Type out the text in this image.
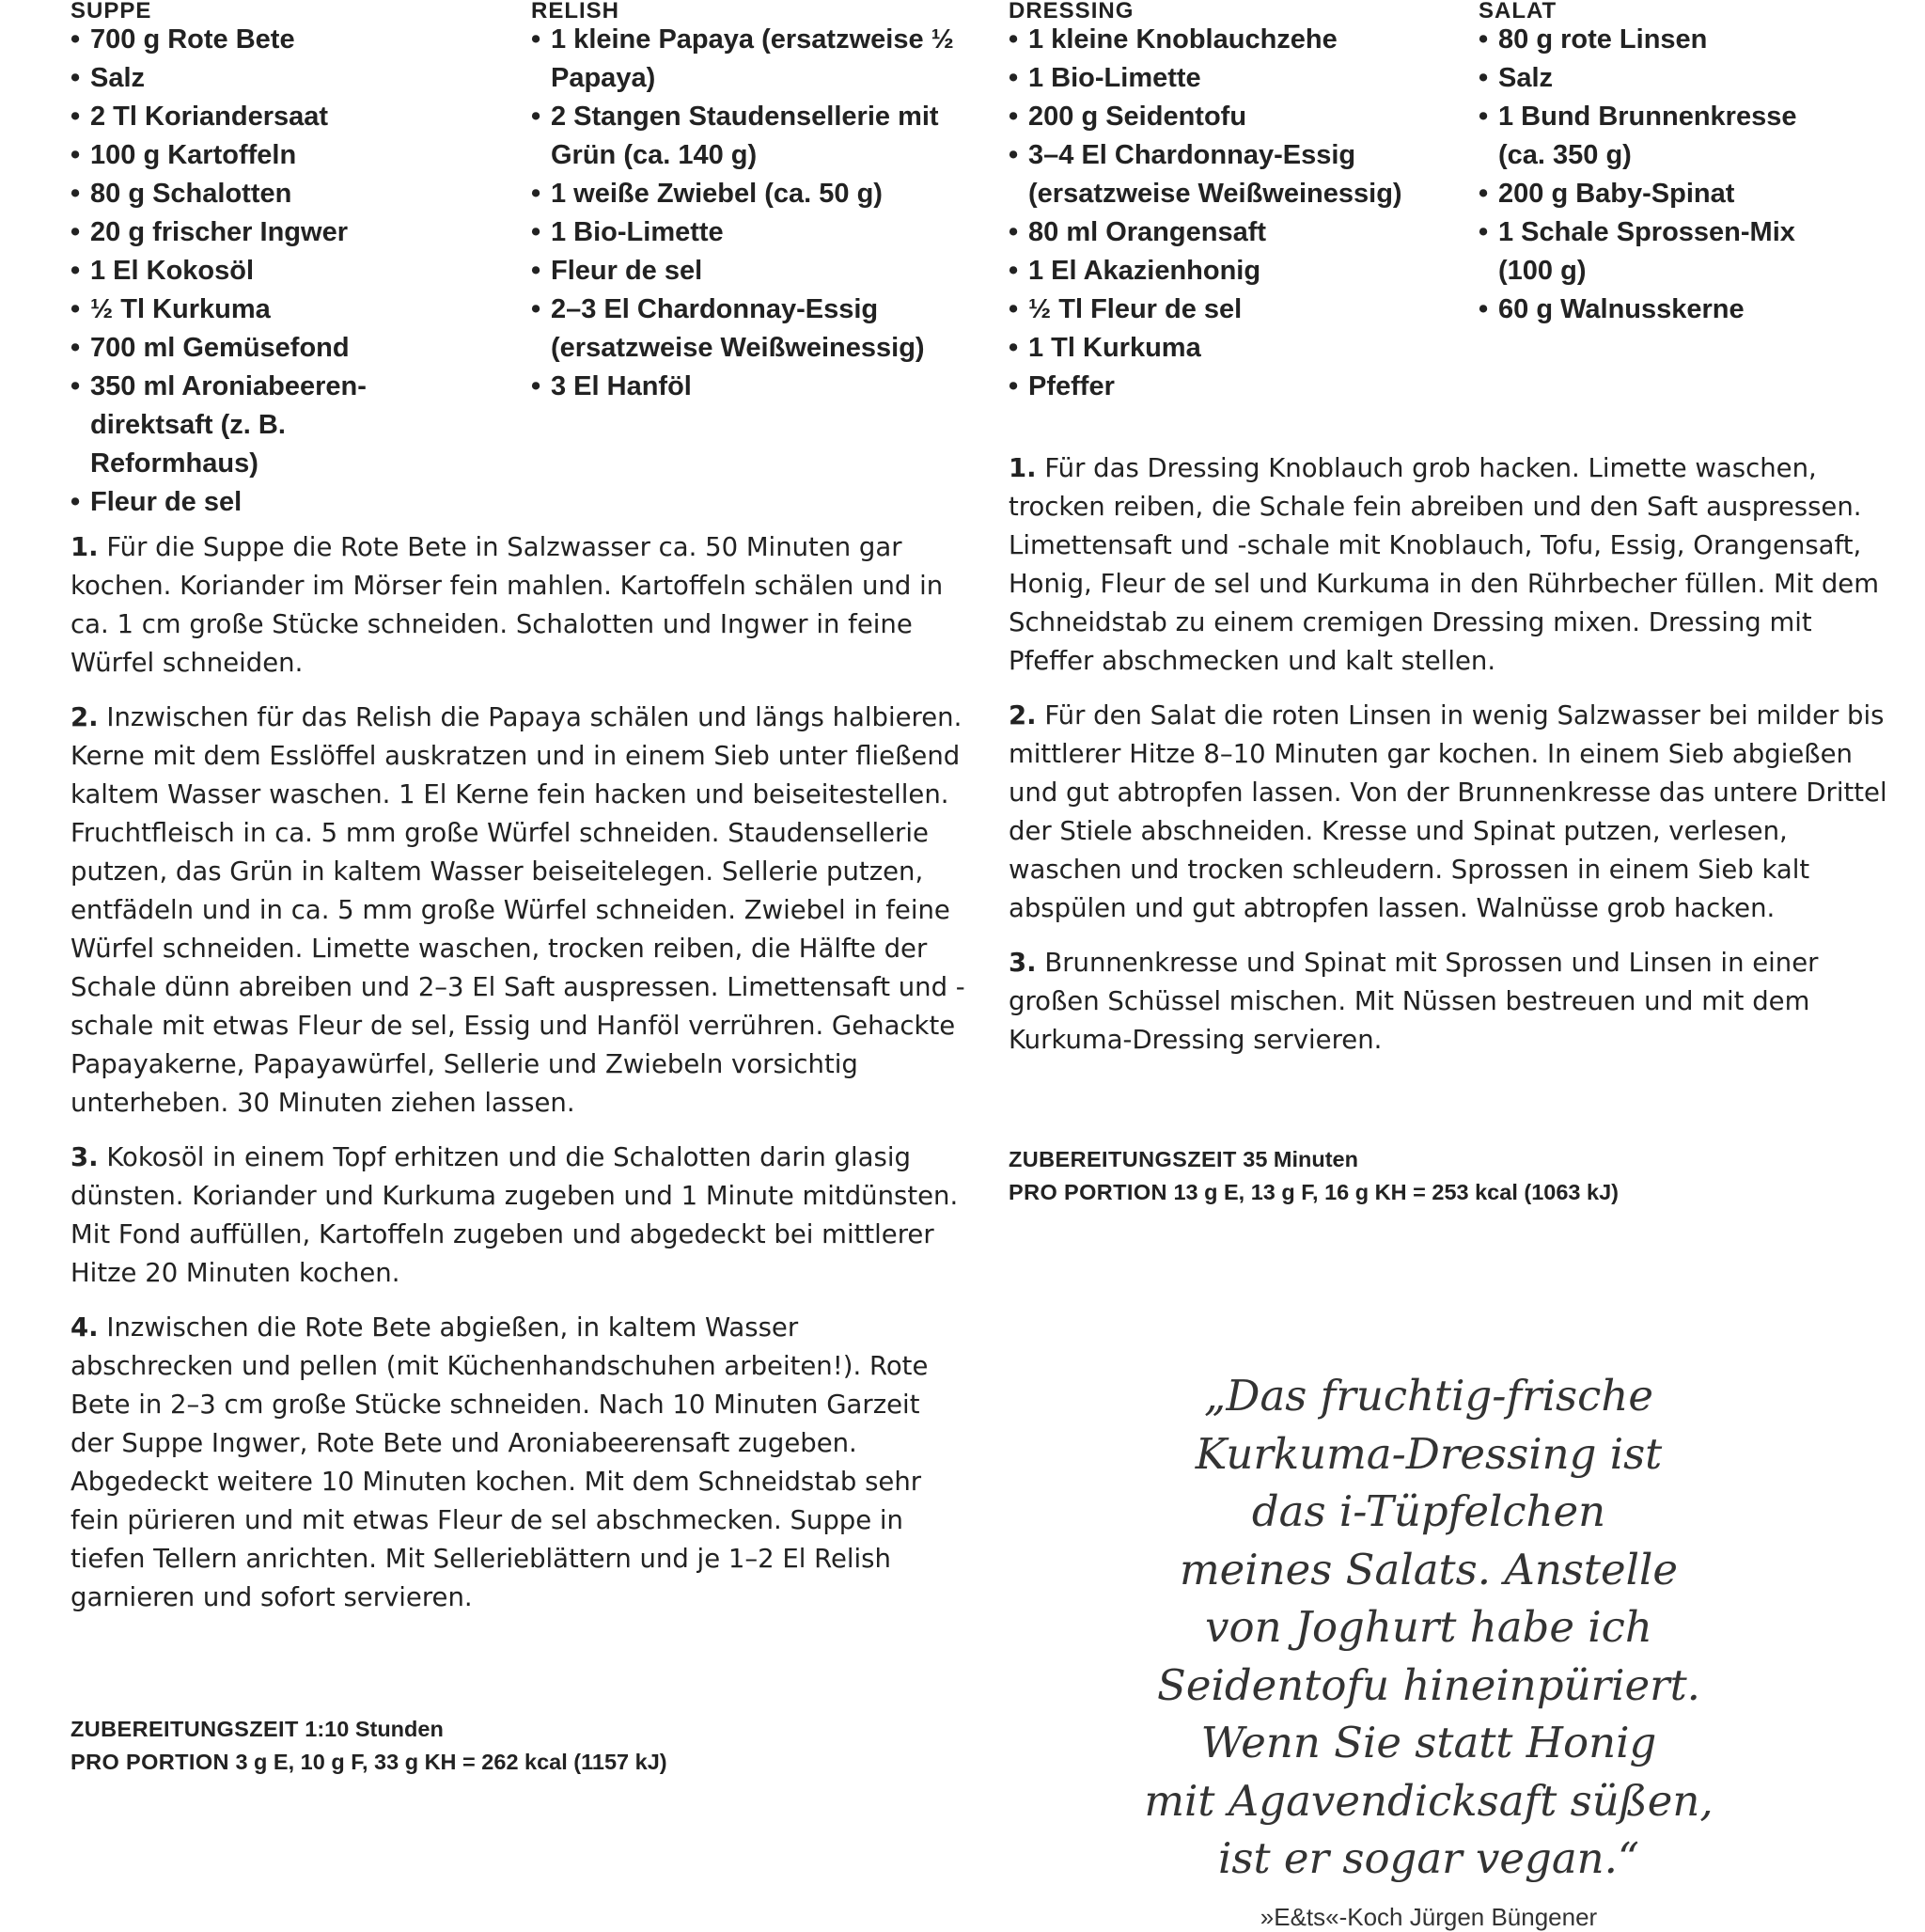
SUPPE
• 700 g Rote Bete
• Salz
• 2 Tl Koriandersaat
• 100 g Kartoffeln
• 80 g Schalotten
• 20 g frischer Ingwer
• 1 El Kokosöl
• ½ Tl Kurkuma
• 700 ml Gemüsefond
• 350 ml Aroniabeeren-direktsaft (z. B. Reformhaus)
• Fleur de sel
RELISH
• 1 kleine Papaya (ersatzweise ½ Papaya)
• 2 Stangen Staudensellerie mit Grün (ca. 140 g)
• 1 weiße Zwiebel (ca. 50 g)
• 1 Bio-Limette
• Fleur de sel
• 2–3 El Chardonnay-Essig (ersatzweise Weißweinessig)
• 3 El Hanföl
DRESSING
• 1 kleine Knoblauchzehe
• 1 Bio-Limette
• 200 g Seidentofu
• 3–4 El Chardonnay-Essig (ersatzweise Weißweinessig)
• 80 ml Orangensaft
• 1 El Akazienhonig
• ½ Tl Fleur de sel
• 1 Tl Kurkuma
• Pfeffer
SALAT
• 80 g rote Linsen
• Salz
• 1 Bund Brunnenkresse (ca. 350 g)
• 200 g Baby-Spinat
• 1 Schale Sprossen-Mix (100 g)
• 60 g Walnusskerne

1. Für die Suppe die Rote Bete in Salzwasser ca. 50 Minuten gar kochen. Koriander im Mörser fein mahlen. Kartoffeln schälen und in ca. 1 cm große Stücke schneiden. Schalotten und Ingwer in feine Würfel schneiden.

2. Inzwischen für das Relish die Papaya schälen und längs halbieren. Kerne mit dem Esslöffel auskratzen und in einem Sieb unter fließend kaltem Wasser waschen. 1 El Kerne fein hacken und beiseitestellen. Fruchtfleisch in ca. 5 mm große Würfel schneiden. Staudensellerie putzen, das Grün in kaltem Wasser beiseitelegen. Sellerie putzen, entfädeln und in ca. 5 mm große Würfel schneiden. Zwiebel in feine Würfel schneiden. Limette waschen, trocken reiben, die Hälfte der Schale dünn abreiben und 2–3 El Saft auspressen. Limettensaft und -schale mit etwas Fleur de sel, Essig und Hanföl verrühren. Gehackte Papayakerne, Papayawürfel, Sellerie und Zwiebeln vorsichtig unterheben. 30 Minuten ziehen lassen.

3. Kokosöl in einem Topf erhitzen und die Schalotten darin glasig dünsten. Koriander und Kurkuma zugeben und 1 Minute mitdünsten. Mit Fond auffüllen, Kartoffeln zugeben und abgedeckt bei mittlerer Hitze 20 Minuten kochen.

4. Inzwischen die Rote Bete abgießen, in kaltem Wasser abschrecken und pellen (mit Küchenhandschuhen arbeiten!). Rote Bete in 2–3 cm große Stücke schneiden. Nach 10 Minuten Garzeit der Suppe Ingwer, Rote Bete und Aroniabeerensaft zugeben. Abgedeckt weitere 10 Minuten kochen. Mit dem Schneidstab sehr fein pürieren und mit etwas Fleur de sel abschmecken. Suppe in tiefen Tellern anrichten. Mit Sellerieblättern und je 1–2 El Relish garnieren und sofort servieren.

ZUBEREITUNGSZEIT 1:10 Stunden
PRO PORTION 3 g E, 10 g F, 33 g KH = 262 kcal (1157 kJ)

1. Für das Dressing Knoblauch grob hacken. Limette waschen, trocken reiben, die Schale fein abreiben und den Saft auspressen. Limettensaft und -schale mit Knoblauch, Tofu, Essig, Orangensaft, Honig, Fleur de sel und Kurkuma in den Rührbecher füllen. Mit dem Schneidstab zu einem cremigen Dressing mixen. Dressing mit Pfeffer abschmecken und kalt stellen.

2. Für den Salat die roten Linsen in wenig Salzwasser bei milder bis mittlerer Hitze 8–10 Minuten gar kochen. In einem Sieb abgießen und gut abtropfen lassen. Von der Brunnenkresse das untere Drittel der Stiele abschneiden. Kresse und Spinat putzen, verlesen, waschen und trocken schleudern. Sprossen in einem Sieb kalt abspülen und gut abtropfen lassen. Walnüsse grob hacken.

3. Brunnenkresse und Spinat mit Sprossen und Linsen in einer großen Schüssel mischen. Mit Nüssen bestreuen und mit dem Kurkuma-Dressing servieren.

ZUBEREITUNGSZEIT 35 Minuten
PRO PORTION 13 g E, 13 g F, 16 g KH = 253 kcal (1063 kJ)
„Das fruchtig-frische
Kurkuma-Dressing ist
das i-Tüpfelchen
meines Salats. Anstelle
von Joghurt habe ich
Seidentofu hineinpüriert.
Wenn Sie statt Honig
mit Agavendicksaft süßen,
ist er sogar vegan.“
»E&ts«-Koch Jürgen Büngener
